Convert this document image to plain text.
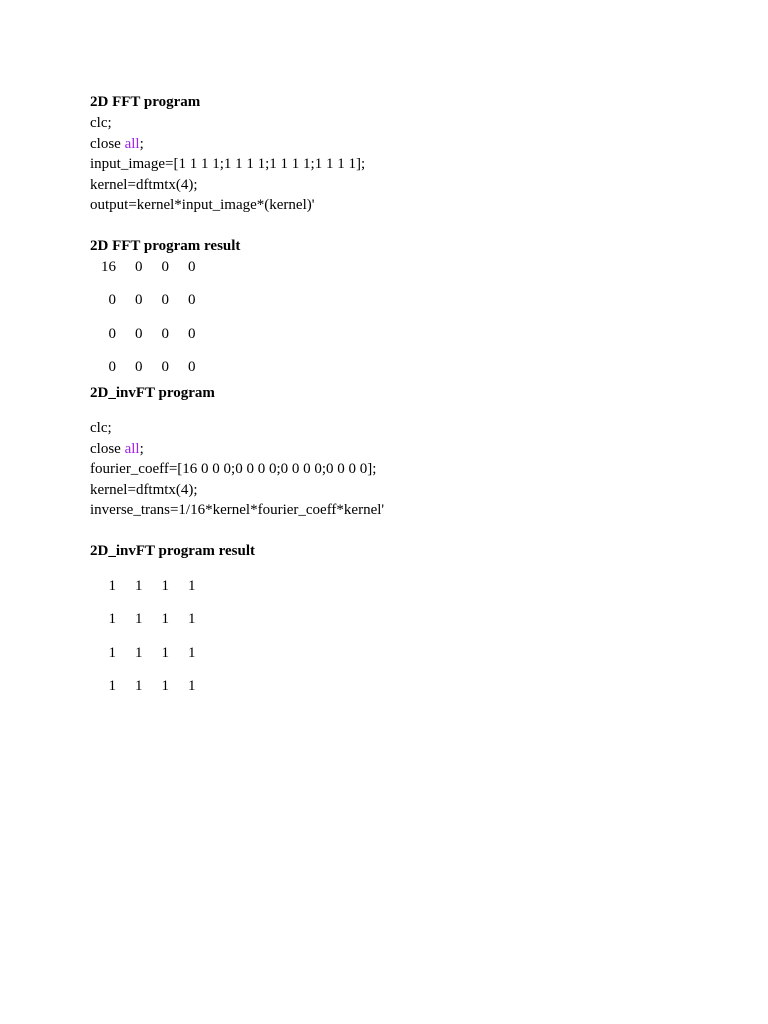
2D FFT program
clc;
close all;
input_image=[1 1 1 1;1 1 1 1;1 1 1 1;1 1 1 1];
kernel=dftmtx(4);
output=kernel*input_image*(kernel)'
2D FFT program result
16	0	0	0
0	0	0	0
0	0	0	0
0	0	0	0
2D_invFT program
clc;
close all;
fourier_coeff=[16 0 0 0;0 0 0 0;0 0 0 0;0 0 0 0];
kernel=dftmtx(4);
inverse_trans=1/16*kernel*fourier_coeff*kernel'
2D_invFT program result
1	1	1	1
1	1	1	1
1	1	1	1
1	1	1	1
